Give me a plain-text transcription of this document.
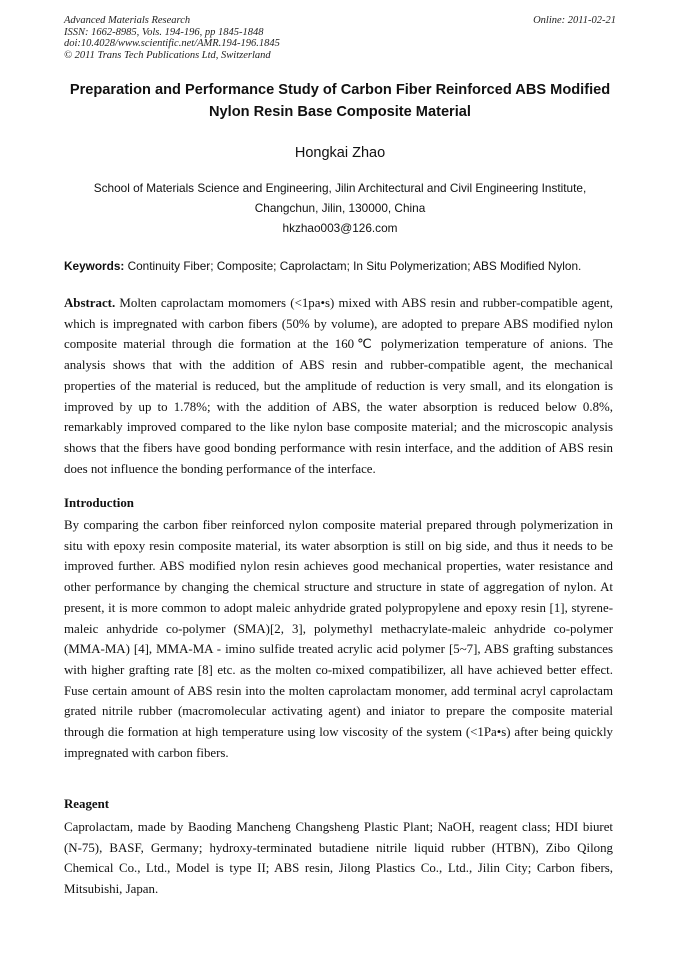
Advanced Materials Research
ISSN: 1662-8985, Vols. 194-196, pp 1845-1848
doi:10.4028/www.scientific.net/AMR.194-196.1845
© 2011 Trans Tech Publications Ltd, Switzerland
Online: 2011-02-21
Preparation and Performance Study of Carbon Fiber Reinforced ABS Modified Nylon Resin Base Composite Material
Hongkai Zhao
School of Materials Science and Engineering, Jilin Architectural and Civil Engineering Institute, Changchun, Jilin, 130000, China
hkzhao003@126.com
Keywords: Continuity Fiber; Composite; Caprolactam; In Situ Polymerization; ABS Modified Nylon.
Abstract. Molten caprolactam momomers (<1pa•s) mixed with ABS resin and rubber-compatible agent, which is impregnated with carbon fibers (50% by volume), are adopted to prepare ABS modified nylon composite material through die formation at the 160℃ polymerization temperature of anions. The analysis shows that with the addition of ABS resin and rubber-compatible agent, the mechanical properties of the material is reduced, but the amplitude of reduction is very small, and its elongation is improved by up to 1.78%; with the addition of ABS, the water absorption is reduced below 0.8%, remarkably improved compared to the like nylon base composite material; and the microscopic analysis shows that the fibers have good bonding performance with resin interface, and the addition of ABS resin does not influence the bonding performance of the interface.
Introduction
By comparing the carbon fiber reinforced nylon composite material prepared through polymerization in situ with epoxy resin composite material, its water absorption is still on big side, and thus it needs to be improved further. ABS modified nylon resin achieves good mechanical properties, water resistance and other performance by changing the chemical structure and structure in state of aggregation of nylon. At present, it is more common to adopt maleic anhydride grated polypropylene and epoxy resin [1], styrene-maleic anhydride co-polymer (SMA)[2, 3], polymethyl methacrylate-maleic anhydride co-polymer (MMA-MA) [4], MMA-MA - imino sulfide treated acrylic acid polymer [5~7], ABS grafting substances with higher grafting rate [8] etc. as the molten co-mixed compatibilizer, all have achieved better effect. Fuse certain amount of ABS resin into the molten caprolactam monomer, add terminal acryl caprolactam grated nitrile rubber (macromolecular activating agent) and iniator to prepare the composite material through die formation at high temperature using low viscosity of the system (<1Pa•s) after being quickly impregnated with carbon fibers.
Reagent
Caprolactam, made by Baoding Mancheng Changsheng Plastic Plant; NaOH, reagent class; HDI biuret (N-75), BASF, Germany; hydroxy-terminated butadiene nitrile liquid rubber (HTBN), Zibo Qilong Chemical Co., Ltd., Model is type II; ABS resin, Jilong Plastics Co., Ltd., Jilin City; Carbon fibers, Mitsubishi, Japan.
